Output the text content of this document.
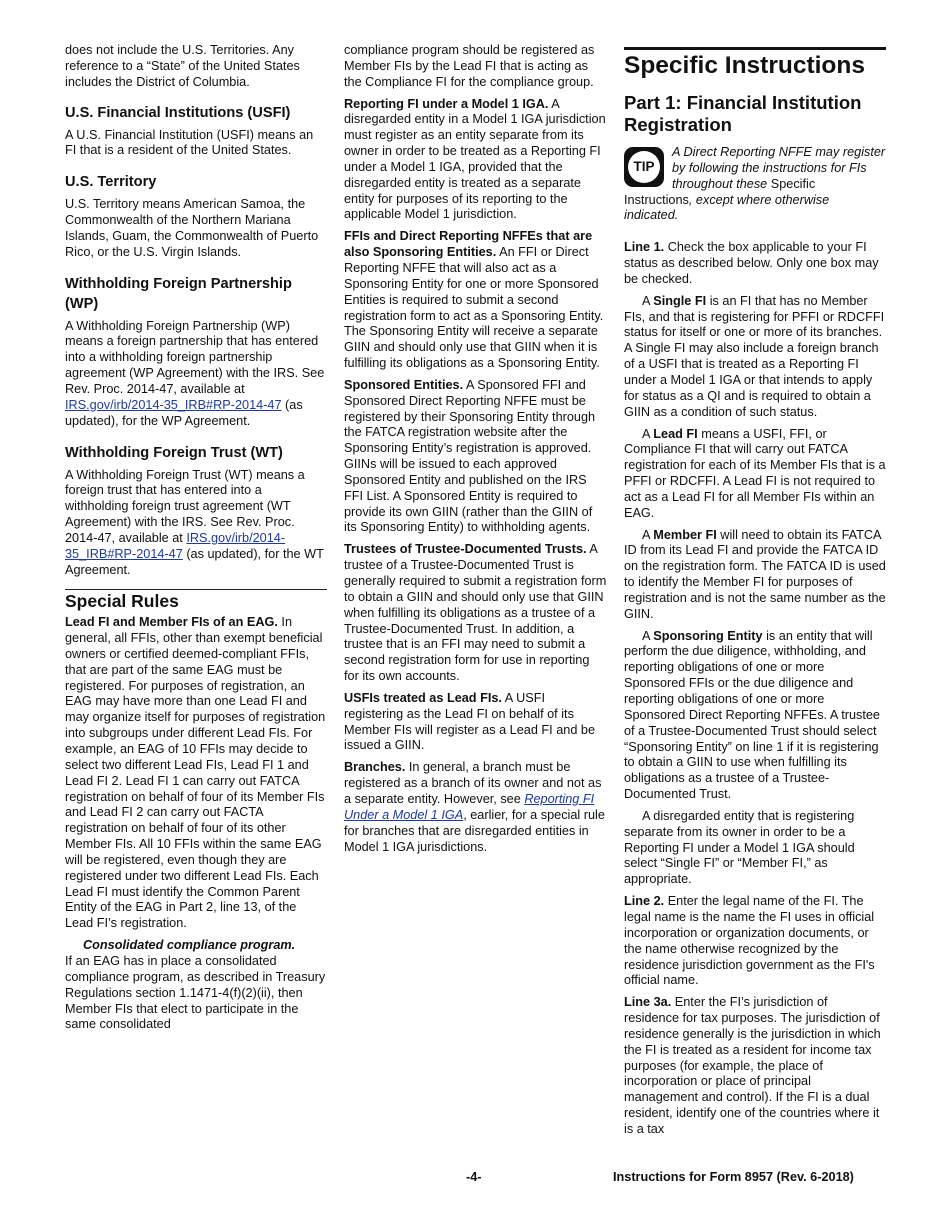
does not include the U.S. Territories. Any reference to a “State” of the United States includes the District of Columbia.

U.S. Financial Institutions (USFI)

A U.S. Financial Institution (USFI) means an FI that is a resident of the United States.

U.S. Territory

U.S. Territory means American Samoa, the Commonwealth of the Northern Mariana Islands, Guam, the Commonwealth of Puerto Rico, or the U.S. Virgin Islands.

Withholding Foreign Partnership (WP)

A Withholding Foreign Partnership (WP) means a foreign partnership that has entered into a withholding foreign partnership agreement (WP Agreement) with the IRS. See Rev. Proc. 2014-47, available at IRS.gov/irb/2014-35_IRB#RP-2014-47 (as updated), for the WP Agreement.

Withholding Foreign Trust (WT)

A Withholding Foreign Trust (WT) means a foreign trust that has entered into a withholding foreign trust agreement (WT Agreement) with the IRS. See Rev. Proc. 2014-47, available at IRS.gov/irb/2014-35_IRB#RP-2014-47 (as updated), for the WT Agreement.

Special Rules

Lead FI and Member FIs of an EAG. In general, all FFIs, other than exempt beneficial owners or certified deemed-compliant FFIs, that are part of the same EAG must be registered. For purposes of registration, an EAG may have more than one Lead FI and may organize itself for purposes of registration into subgroups under different Lead FIs. For example, an EAG of 10 FFIs may decide to select two different Lead FIs, Lead FI 1 and Lead FI 2. Lead FI 1 can carry out FATCA registration on behalf of four of its Member FIs and Lead FI 2 can carry out FACTA registration on behalf of four of its other Member FIs. All 10 FFIs within the same EAG will be registered, even though they are registered under two different Lead FIs. Each Lead FI must identify the Common Parent Entity of the EAG in Part 2, line 13, of the Lead FI’s registration.

Consolidated compliance program.
If an EAG has in place a consolidated compliance program, as described in Treasury Regulations section 1.1471-4(f)(2)(ii), then Member FIs that elect to participate in the same consolidated

compliance program should be registered as Member FIs by the Lead FI that is acting as the Compliance FI for the compliance group.

Reporting FI under a Model 1 IGA. A disregarded entity in a Model 1 IGA jurisdiction must register as an entity separate from its owner in order to be treated as a Reporting FI under a Model 1 IGA, provided that the disregarded entity is treated as a separate entity for purposes of its reporting to the applicable Model 1 jurisdiction.

FFIs and Direct Reporting NFFEs that are also Sponsoring Entities. An FFI or Direct Reporting NFFE that will also act as a Sponsoring Entity for one or more Sponsored Entities is required to submit a second registration form to act as a Sponsoring Entity. The Sponsoring Entity will receive a separate GIIN and should only use that GIIN when it is fulfilling its obligations as a Sponsoring Entity.

Sponsored Entities. A Sponsored FFI and Sponsored Direct Reporting NFFE must be registered by their Sponsoring Entity through the FATCA registration website after the Sponsoring Entity’s registration is approved. GIINs will be issued to each approved Sponsored Entity and published on the IRS FFI List. A Sponsored Entity is required to provide its own GIIN (rather than the GIIN of its Sponsoring Entity) to withholding agents.

Trustees of Trustee-Documented Trusts. A trustee of a Trustee-Documented Trust is generally required to submit a registration form to obtain a GIIN and should only use that GIIN when fulfilling its obligations as a trustee of a Trustee-Documented Trust. In addition, a trustee that is an FFI may need to submit a second registration form for use in reporting for its own accounts.

USFIs treated as Lead FIs. A USFI registering as the Lead FI on behalf of its Member FIs will register as a Lead FI and be issued a GIIN.

Branches. In general, a branch must be registered as a branch of its owner and not as a separate entity. However, see Reporting FI Under a Model 1 IGA, earlier, for a special rule for branches that are disregarded entities in Model 1 IGA jurisdictions.

Specific Instructions
Part 1: Financial Institution Registration
TIP

A Direct Reporting NFFE may register by following the instructions for FIs throughout these Specific Instructions, except where otherwise indicated.

Line 1. Check the box applicable to your FI status as described below. Only one box may be checked.

A Single FI is an FI that has no Member FIs, and that is registering for PFFI or RDCFFI status for itself or one or more of its branches. A Single FI may also include a foreign branch of a USFI that is treated as a Reporting FI under a Model 1 IGA or that intends to apply for status as a QI and is required to obtain a GIIN as a condition of such status.

A Lead FI means a USFI, FFI, or Compliance FI that will carry out FATCA registration for each of its Member FIs that is a PFFI or RDCFFI. A Lead FI is not required to act as a Lead FI for all Member FIs within an EAG.

A Member FI will need to obtain its FATCA ID from its Lead FI and provide the FATCA ID on the registration form. The FATCA ID is used to identify the Member FI for purposes of registration and is not the same number as the GIIN.

A Sponsoring Entity is an entity that will perform the due diligence, withholding, and reporting obligations of one or more Sponsored FFIs or the due diligence and reporting obligations of one or more Sponsored Direct Reporting NFFEs. A trustee of a Trustee-Documented Trust should select “Sponsoring Entity” on line 1 if it is registering to obtain a GIIN to use when fulfilling its obligations as a trustee of a Trustee-Documented Trust.

A disregarded entity that is registering separate from its owner in order to be a Reporting FI under a Model 1 IGA should select “Single FI” or “Member FI,” as appropriate.

Line 2. Enter the legal name of the FI. The legal name is the name the FI uses in official incorporation or organization documents, or the name otherwise recognized by the residence jurisdiction government as the FI's official name.

Line 3a. Enter the FI’s jurisdiction of residence for tax purposes. The jurisdiction of residence generally is the jurisdiction in which the FI is treated as a resident for income tax purposes (for example, the place of incorporation or place of principal management and control). If the FI is a dual resident, identify one of the countries where it is a tax

-4-	Instructions for Form 8957 (Rev. 6-2018)
